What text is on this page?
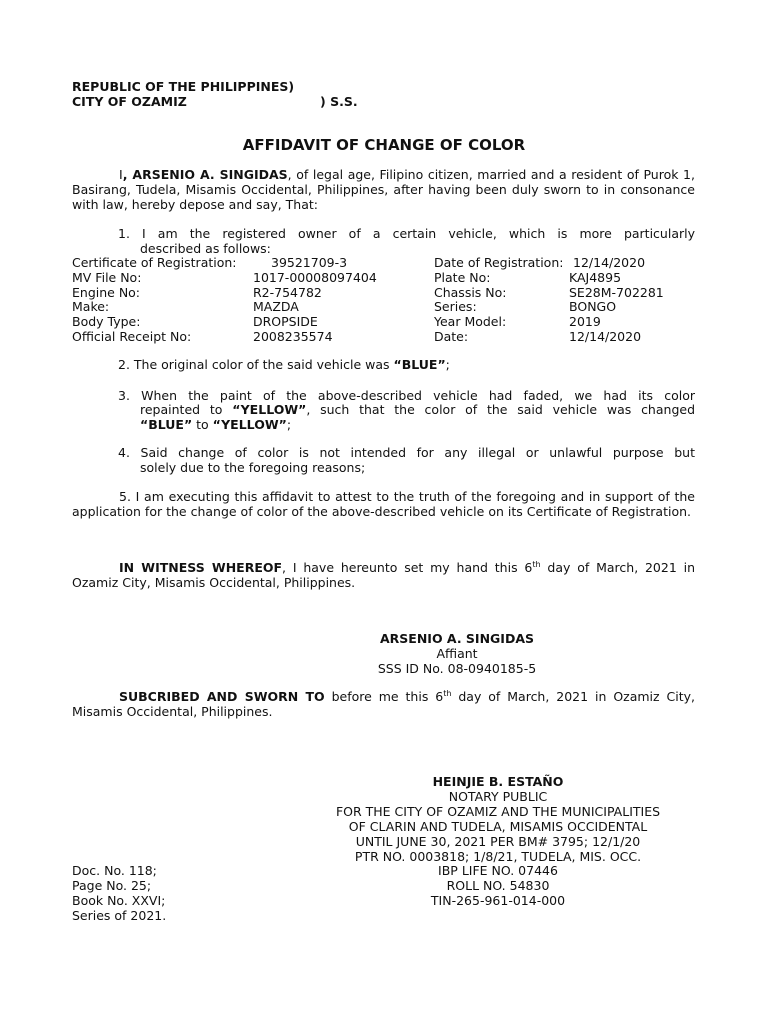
REPUBLIC OF THE PHILIPPINES)
CITY OF OZAMIZ	) S.S.
AFFIDAVIT OF CHANGE OF COLOR
I, ARSENIO A. SINGIDAS, of legal age, Filipino citizen, married and a resident of Purok 1, Basirang, Tudela, Misamis Occidental, Philippines, after having been duly sworn to in consonance with law, hereby depose and say, That:
1. I am the registered owner of a certain vehicle, which is more particularly
described as follows:
Certificate of Registration:	39521709-3	Date of Registration: 12/14/2020
MV File No:	1017-00008097404	Plate No:	KAJ4895
Engine No:	R2-754782	Chassis No:	SE28M-702281
Make:	MAZDA	Series:	BONGO
Body Type:	DROPSIDE	Year Model:	2019
Official Receipt No:	2008235574	Date:	12/14/2020
2. The original color of the said vehicle was “BLUE”;
3. When the paint of the above-described vehicle had faded, we had its color
repainted to “YELLOW”, such that the color of the said vehicle was changed
“BLUE” to “YELLOW”;
4. Said change of color is not intended for any illegal or unlawful purpose but
solely due to the foregoing reasons;
5. I am executing this affidavit to attest to the truth of the foregoing and in support of the application for the change of color of the above-described vehicle on its Certificate of Registration.
IN WITNESS WHEREOF, I have hereunto set my hand this 6th day of March, 2021 in Ozamiz City, Misamis Occidental, Philippines.
ARSENIO A. SINGIDAS
Affiant
SSS ID No. 08-0940185-5
SUBCRIBED AND SWORN TO before me this 6th day of March, 2021 in Ozamiz City, Misamis Occidental, Philippines.
HEINJIE B. ESTAÑO
NOTARY PUBLIC
FOR THE CITY OF OZAMIZ AND THE MUNICIPALITIES
OF CLARIN AND TUDELA, MISAMIS OCCIDENTAL
UNTIL JUNE 30, 2021 PER BM# 3795; 12/1/20
PTR NO. 0003818; 1/8/21, TUDELA, MIS. OCC.
IBP LIFE NO. 07446
ROLL NO. 54830
TIN-265-961-014-000
Doc. No. 118;
Page No. 25;
Book No. XXVI;
Series of 2021.
